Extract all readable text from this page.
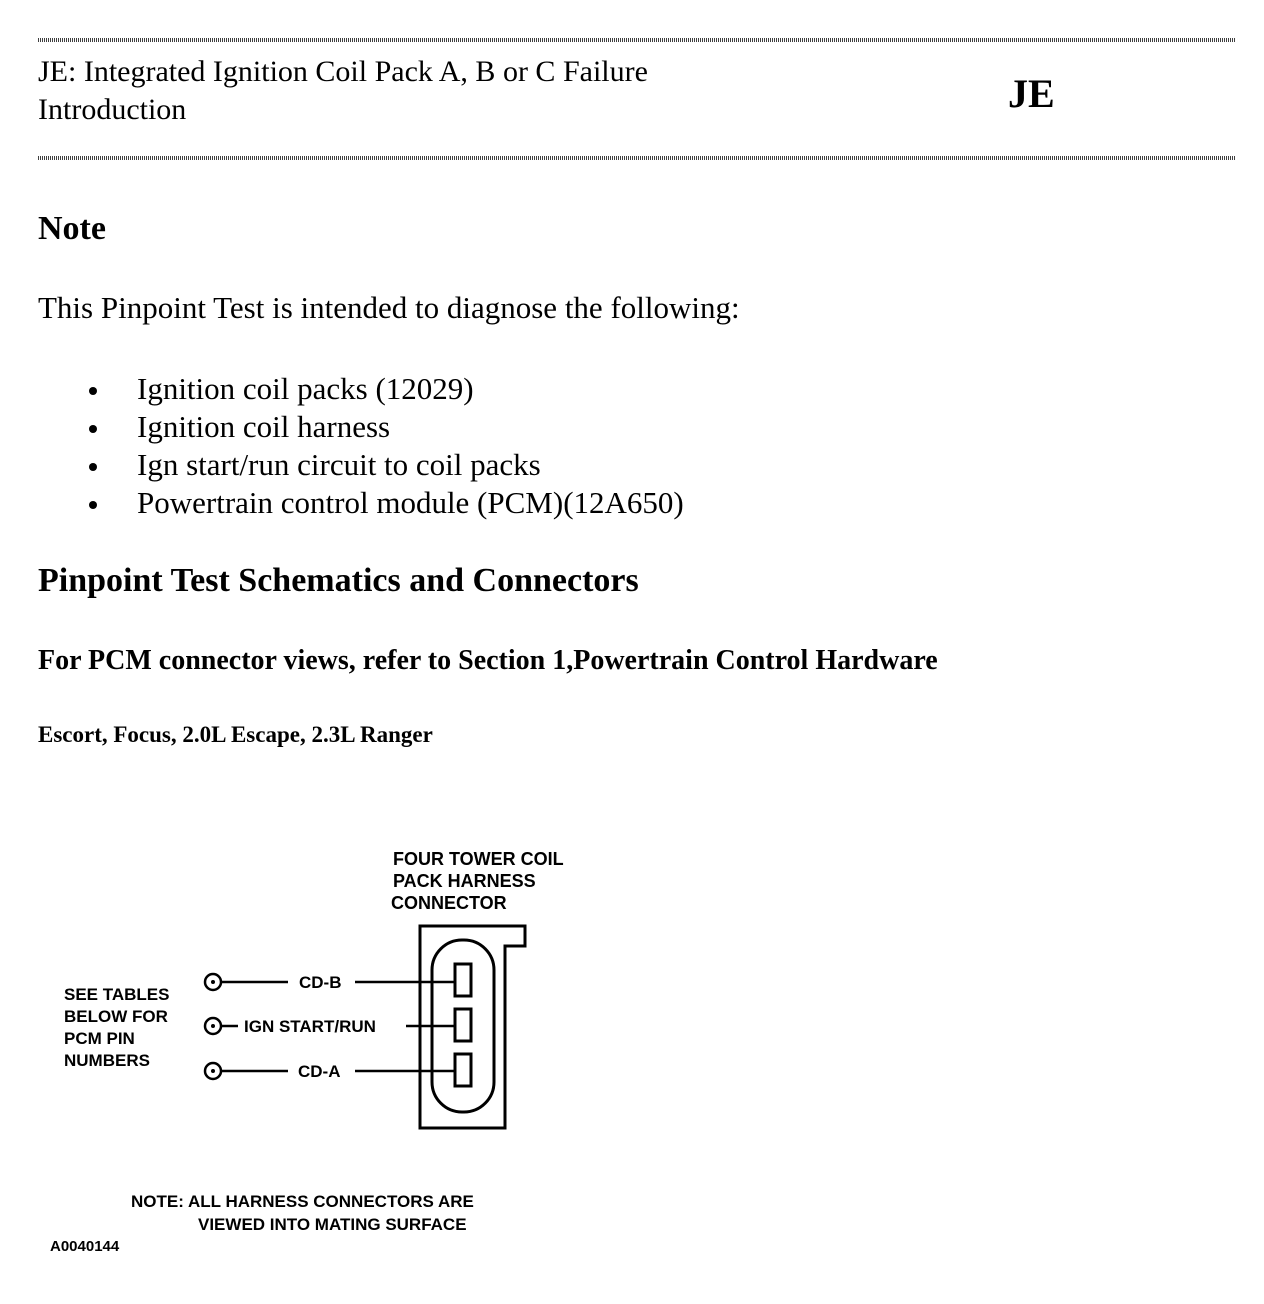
JE: Integrated Ignition Coil Pack A, B or C Failure
Introduction	JE
Note
This Pinpoint Test is intended to diagnose the following:
Ignition coil packs (12029)
Ignition coil harness
Ign start/run circuit to coil packs
Powertrain control module (PCM)(12A650)
Pinpoint Test Schematics and Connectors
For PCM connector views, refer to Section 1,Powertrain Control Hardware
Escort, Focus, 2.0L Escape, 2.3L Ranger
FOUR TOWER COIL
PACK HARNESS
CONNECTOR
SEE TABLES
BELOW FOR
PCM PIN
NUMBERS
CD-B
IGN START/RUN
CD-A
NOTE: ALL HARNESS CONNECTORS ARE
VIEWED INTO MATING SURFACE
A0040144
